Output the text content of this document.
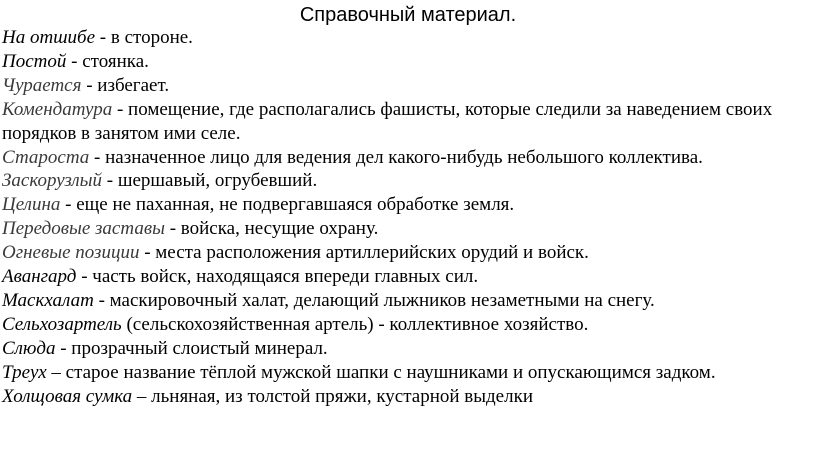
Справочный материал.

На отшибе - в стороне.

Постой - стоянка.

Чурается - избегает.

Комендатура - помещение, где располагались фашисты, которые следили за наведением своих порядков в занятом ими селе.

Староста - назначенное лицо для ведения дел какого-нибудь небольшого коллектива.

Заскорузлый - шершавый, огрубевший.

Целина - еще не паханная, не подвергавшаяся обработке земля.

Передовые заставы - войска, несущие охрану.

Огневые позиции - места расположения артиллерийских орудий и войск.

Авангард - часть войск, находящаяся впереди главных сил.

Маскхалат - маскировочный халат, делающий лыжников незаметными на снегу.

Сельхозартель (сельскохозяйственная артель) - коллективное хозяйство.

Слюда - прозрачный слоистый минерал.

Треух – старое название тёплой мужской шапки с наушниками и опускающимся задком.

Холщовая сумка – льняная, из толстой пряжи, кустарной выделки
